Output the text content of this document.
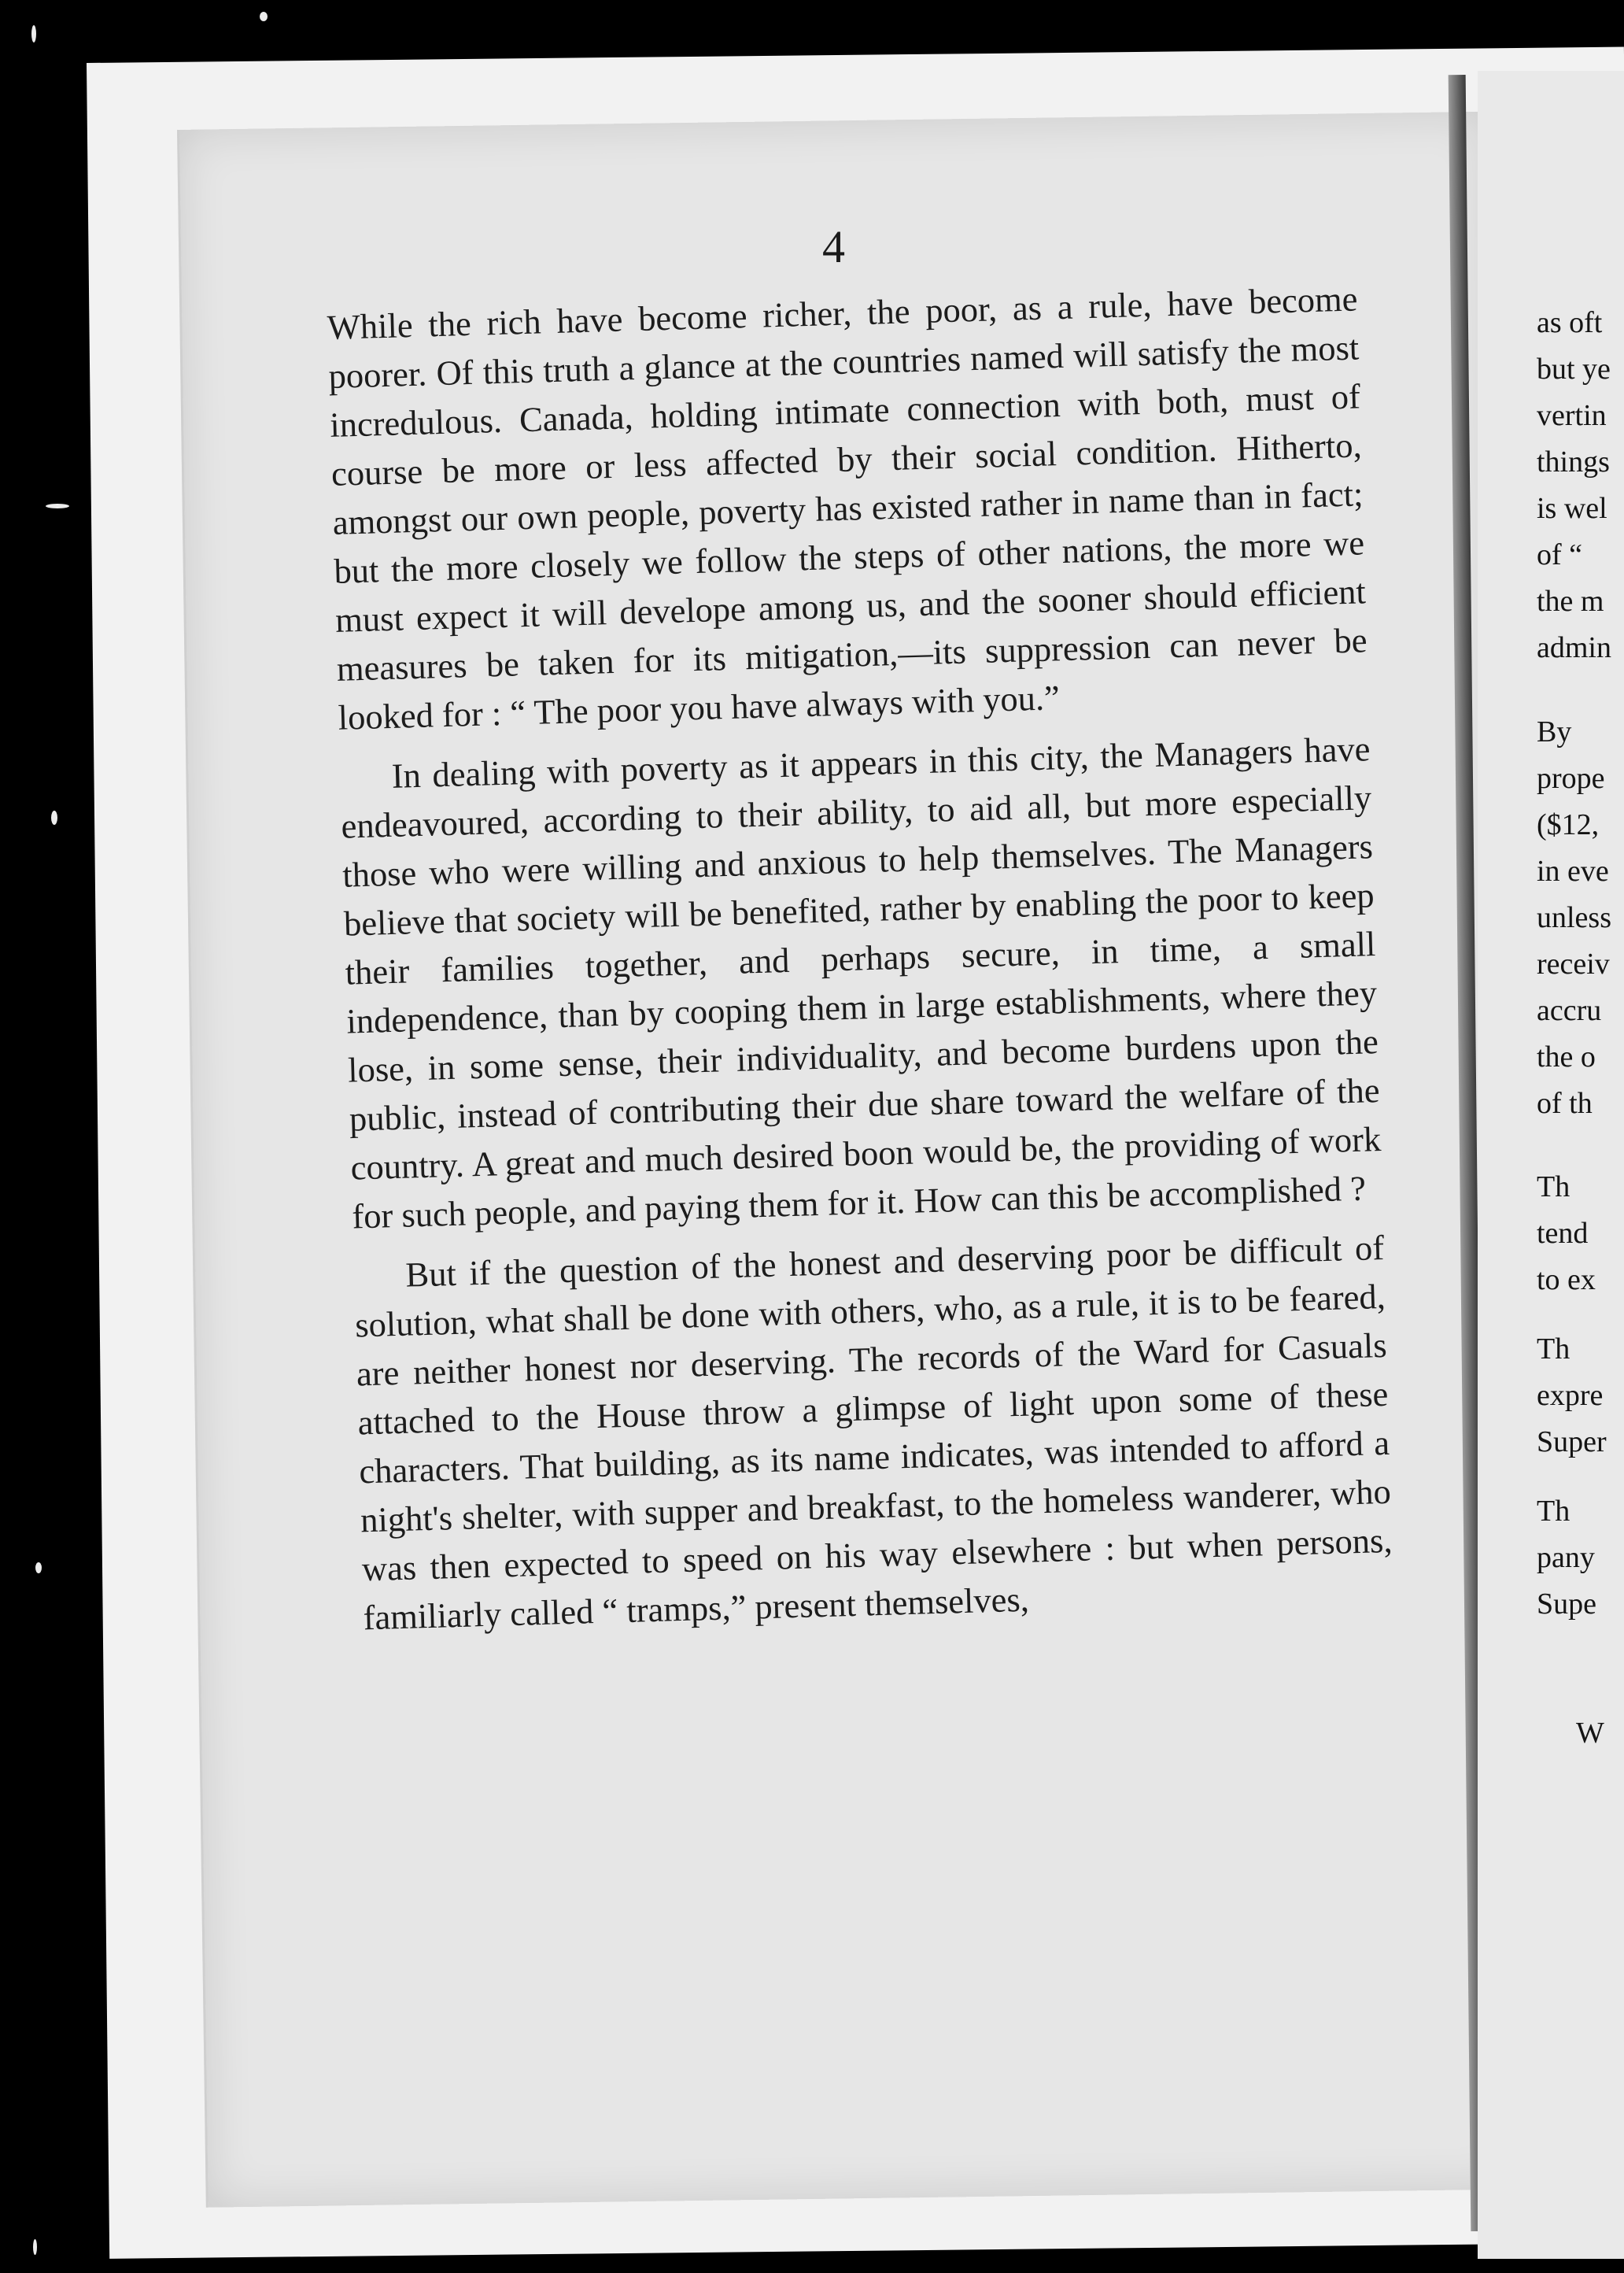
as oft
but ye
vertin
things
is wel
of “
the m
admin
By
prope
($12,
in eve
unless
receiv
accru
the o
of th
Th
tend
to ex
Th
expre
Super
Th
pany
Supe
W
4

While the rich have become richer, the poor, as a rule, have become poorer. Of this truth a glance at the countries named will satisfy the most incredulous. Canada, holding intimate connection with both, must of course be more or less affected by their social condition. Hitherto, amongst our own people, poverty has existed rather in name than in fact; but the more closely we follow the steps of other nations, the more we must expect it will develope among us, and the sooner should efficient measures be taken for its mitigation,—its suppression can never be looked for : “ The poor you have always with you.”

In dealing with poverty as it appears in this city, the Managers have endeavoured, according to their ability, to aid all, but more especially those who were willing and anxious to help themselves. The Managers believe that society will be benefited, rather by enabling the poor to keep their families together, and perhaps secure, in time, a small independence, than by cooping them in large establishments, where they lose, in some sense, their individuality, and become burdens upon the public, instead of contributing their due share toward the welfare of the country. A great and much desired boon would be, the providing of work for such people, and paying them for it. How can this be accomplished ?

But if the question of the honest and deserving poor be difficult of solution, what shall be done with others, who, as a rule, it is to be feared, are neither honest nor deserving. The records of the Ward for Casuals attached to the House throw a glimpse of light upon some of these characters. That building, as its name indicates, was intended to afford a night's shelter, with supper and breakfast, to the homeless wanderer, who was then expected to speed on his way elsewhere : but when persons, familiarly called “ tramps,” present themselves,
